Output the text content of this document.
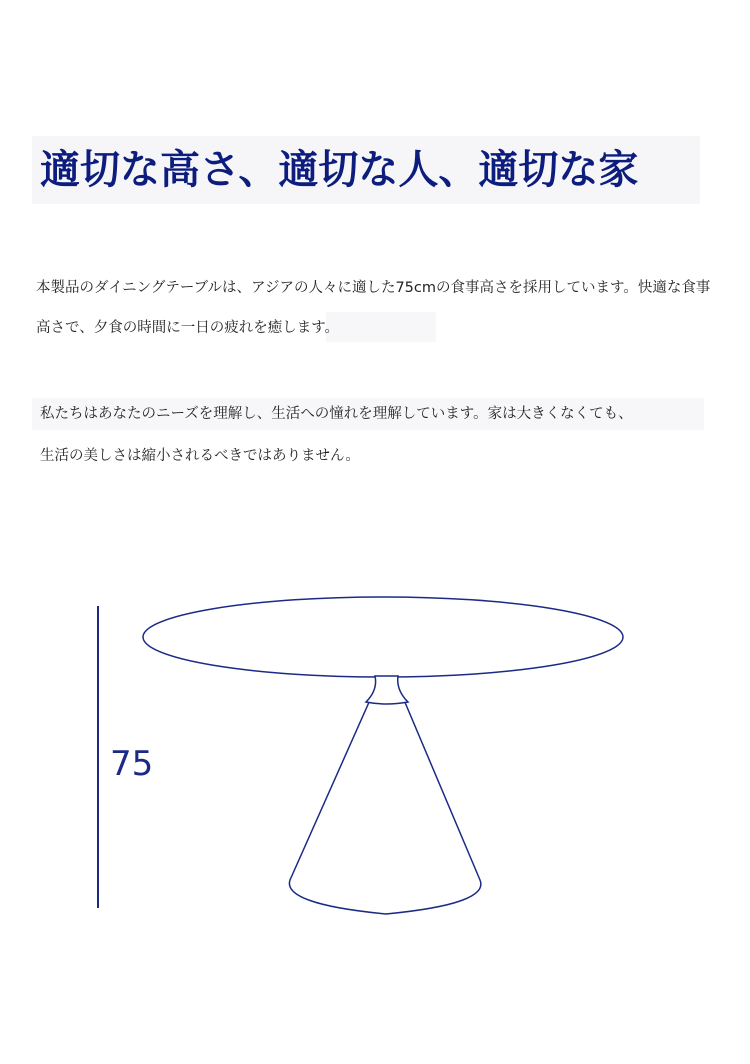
適切な高さ、適切な人、適切な家
本製品のダイニングテーブルは、アジアの人々に適した75cmの食事高さを採用しています。快適な食事
高さで、夕食の時間に一日の疲れを癒します。
私たちはあなたのニーズを理解し、生活への憧れを理解しています。家は大きくなくても、
生活の美しさは縮小されるべきではありません。
75
